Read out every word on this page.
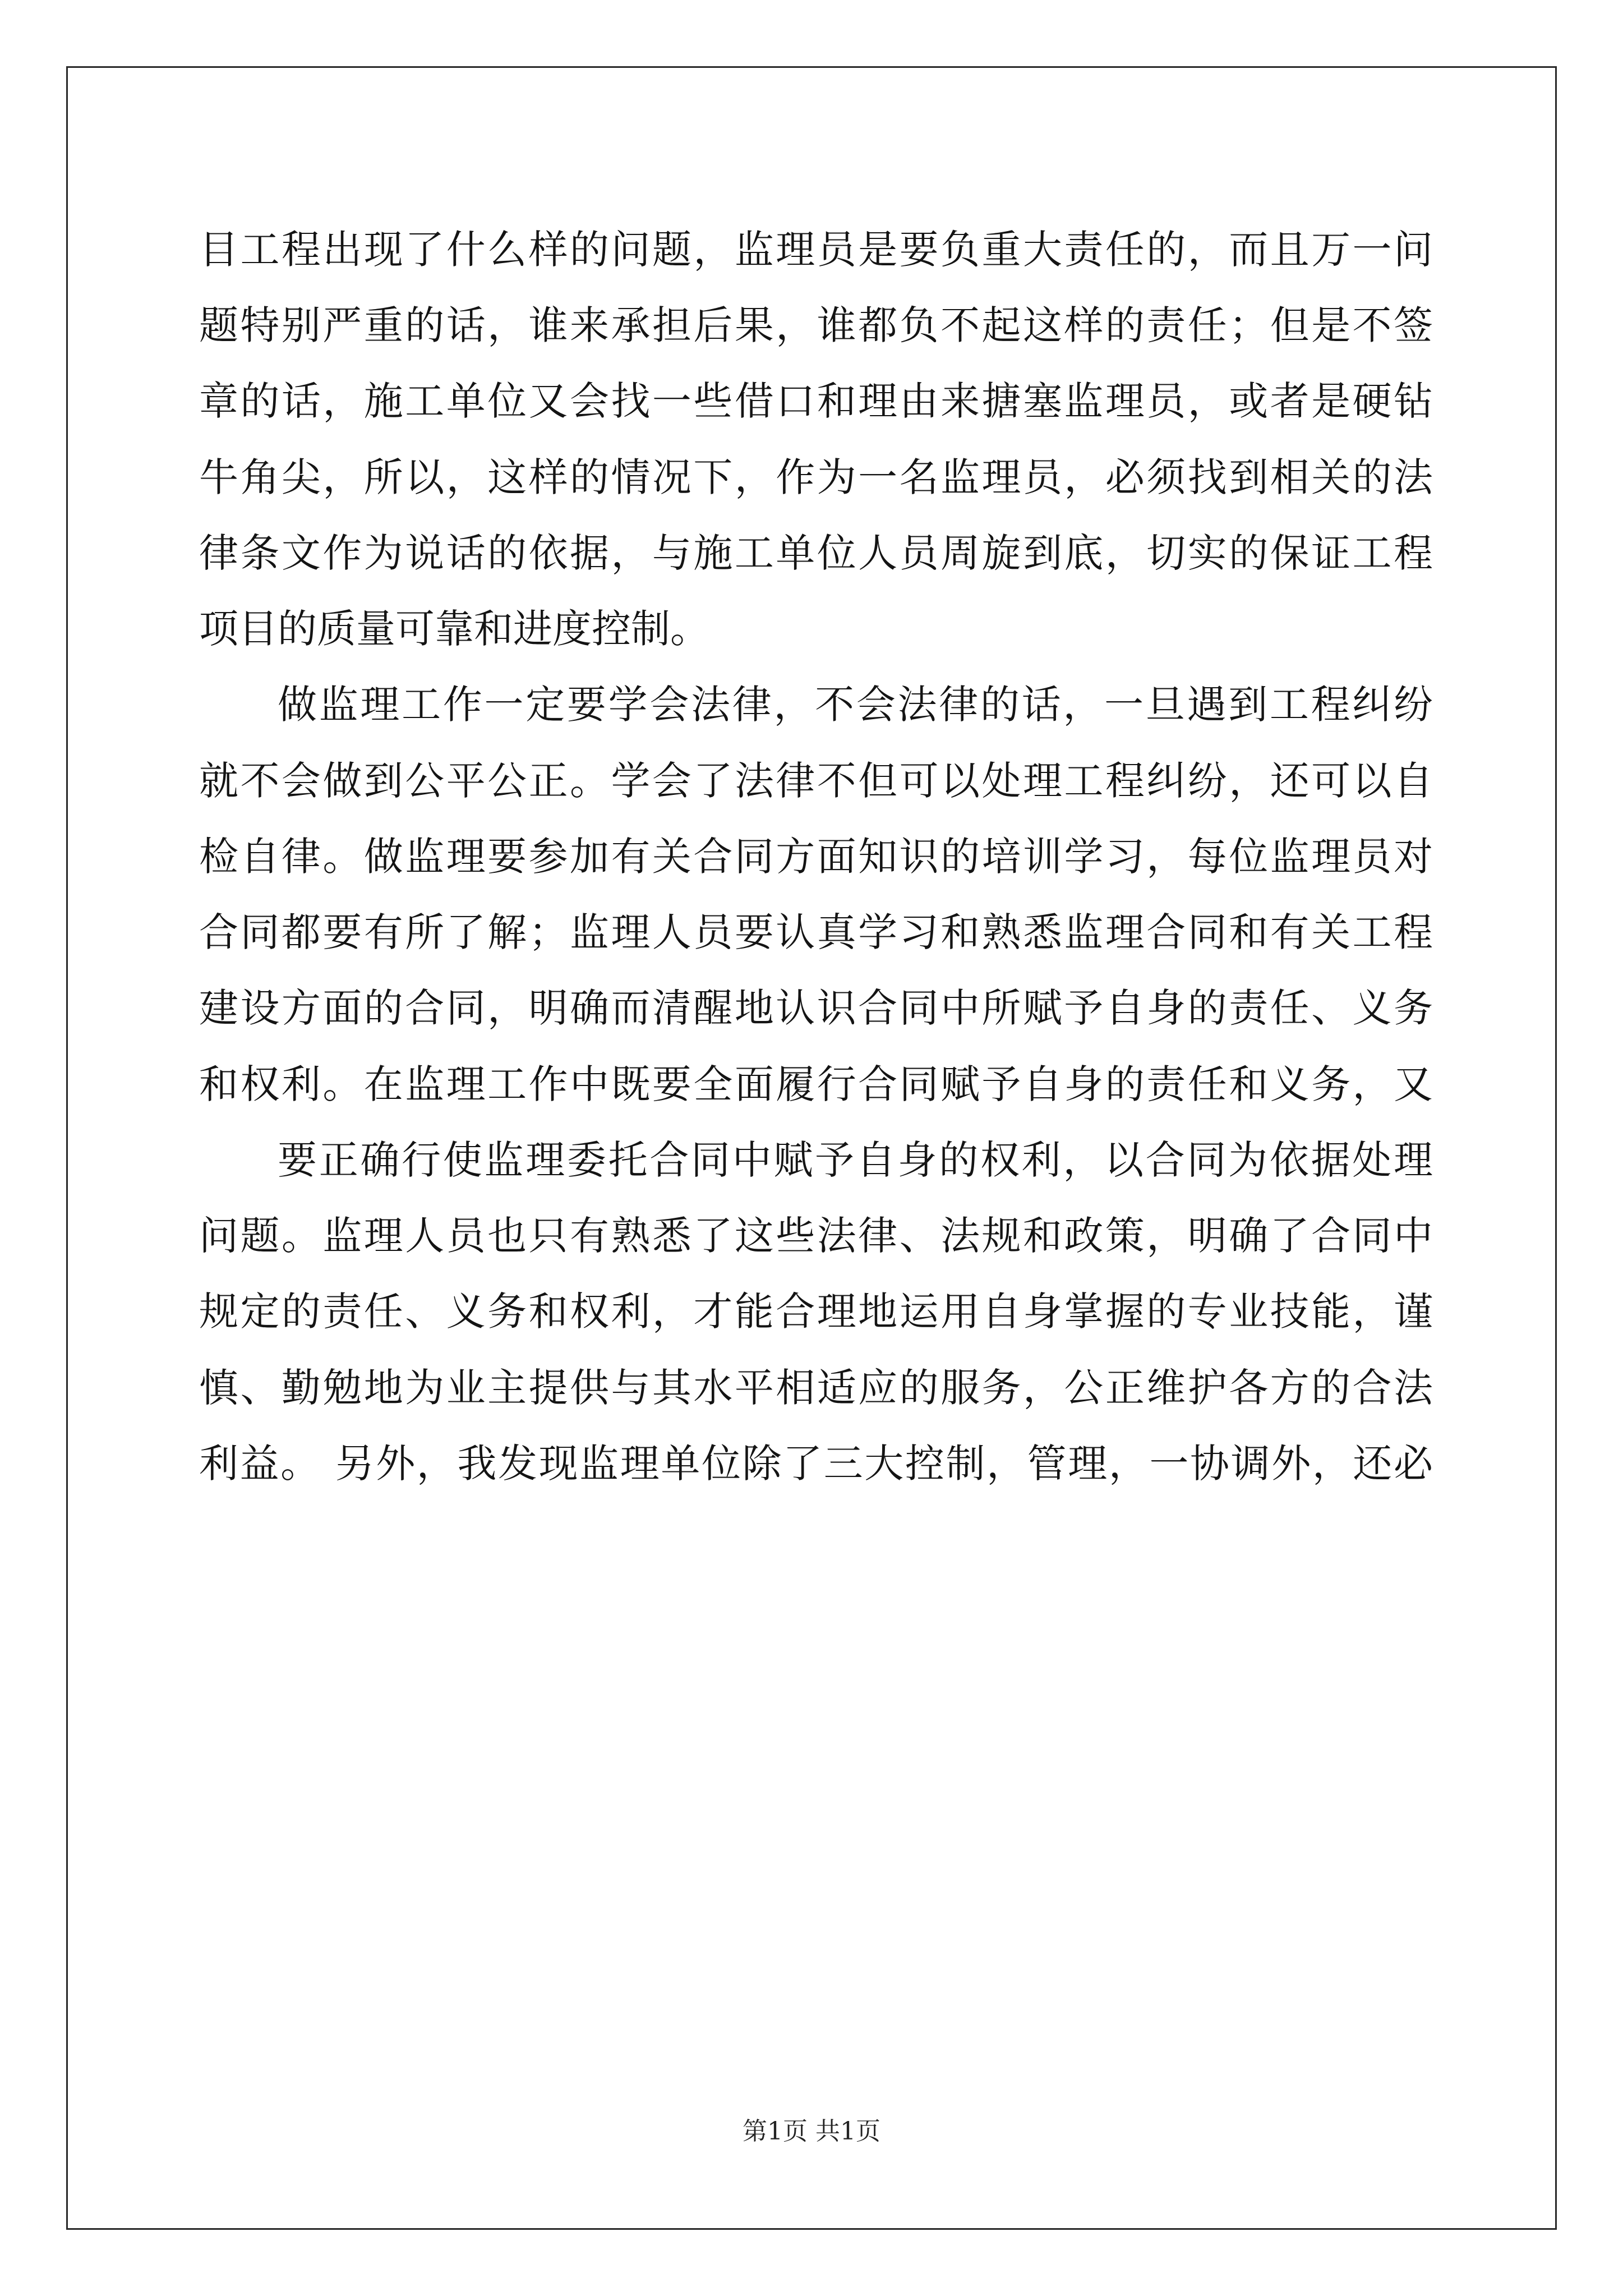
目工程出现了什么样的问题，监理员是要负重大责任的，而且万一问
题特别严重的话，谁来承担后果，谁都负不起这样的责任；但是不签
章的话，施工单位又会找一些借口和理由来搪塞监理员，或者是硬钻
牛角尖，所以，这样的情况下，作为一名监理员，必须找到相关的法
律条文作为说话的依据，与施工单位人员周旋到底，切实的保证工程
项目的质量可靠和进度控制。
做监理工作一定要学会法律，不会法律的话，一旦遇到工程纠纷
就不会做到公平公正。学会了法律不但可以处理工程纠纷，还可以自
检自律。做监理要参加有关合同方面知识的培训学习，每位监理员对
合同都要有所了解；监理人员要认真学习和熟悉监理合同和有关工程
建设方面的合同，明确而清醒地认识合同中所赋予自身的责任、义务
和权利。在监理工作中既要全面履行合同赋予自身的责任和义务，又
要正确行使监理委托合同中赋予自身的权利，以合同为依据处理
问题。监理人员也只有熟悉了这些法律、法规和政策，明确了合同中
规定的责任、义务和权利，才能合理地运用自身掌握的专业技能，谨
慎、勤勉地为业主提供与其水平相适应的服务，公正维护各方的合法
利益。 另外，我发现监理单位除了三大控制，管理，一协调外，还必
第1页 共1页
